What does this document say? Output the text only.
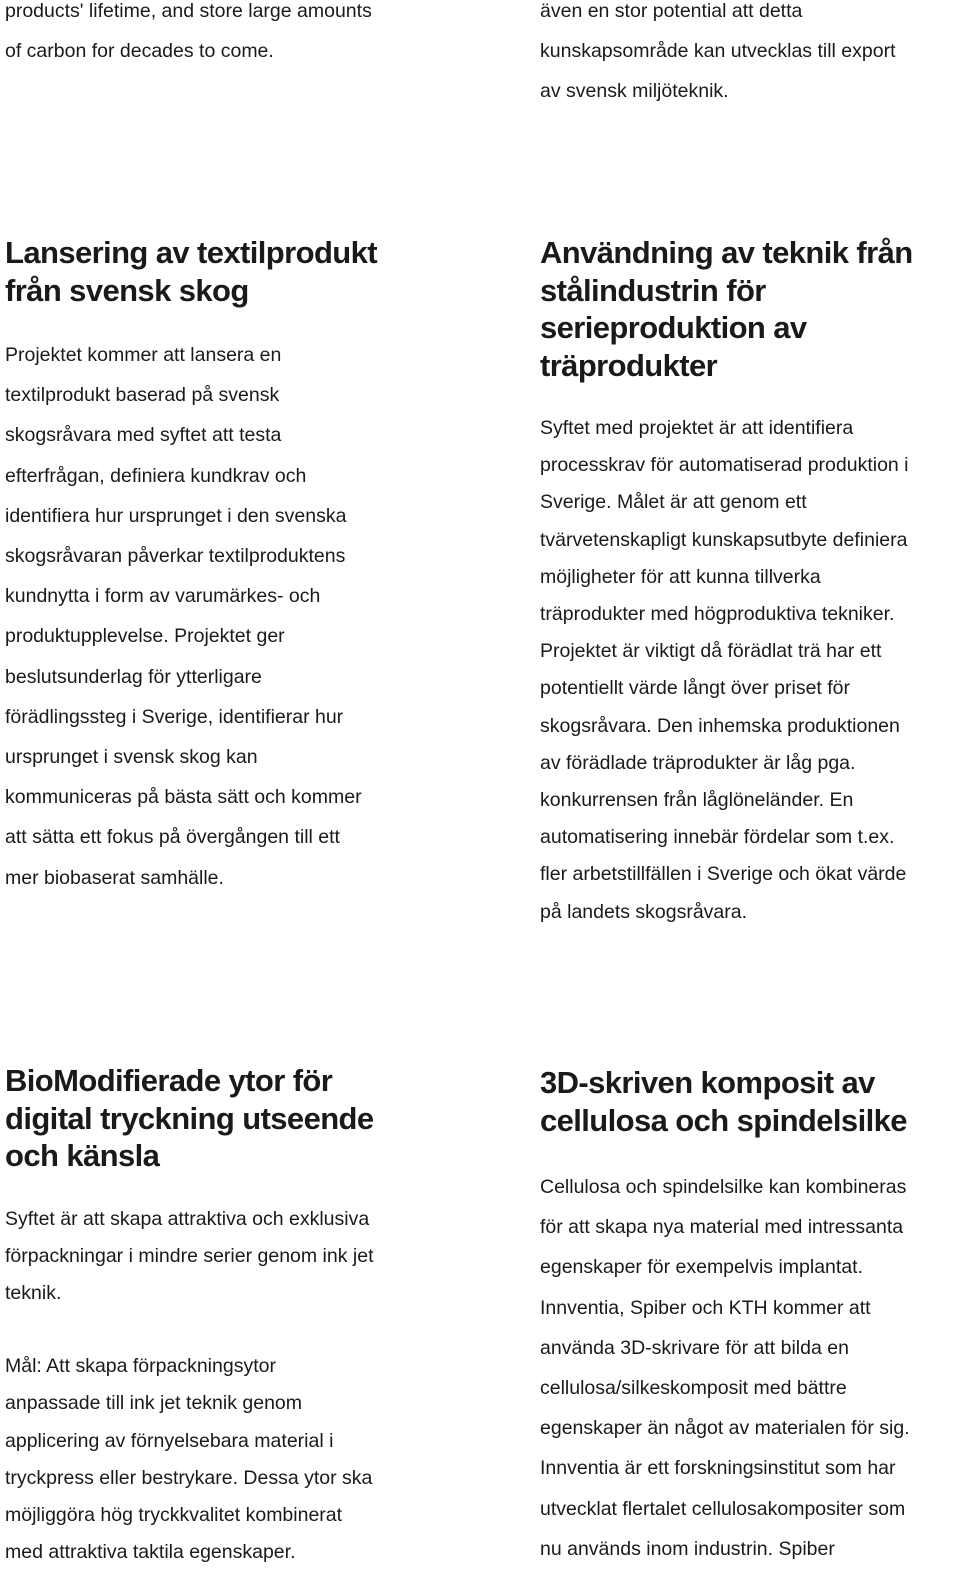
products' lifetime, and store large amounts
of carbon for decades to come.

även en stor potential att detta
kunskapsområde kan utvecklas till export
av svensk miljöteknik.

Lansering av textilprodukt
från svensk skog

Projektet kommer att lansera en
textilprodukt baserad på svensk
skogsråvara med syftet att testa
efterfrågan, definiera kundkrav och
identifiera hur ursprunget i den svenska
skogsråvaran påverkar textilproduktens
kundnytta i form av varumärkes- och
produktupplevelse. Projektet ger
beslutsunderlag för ytterligare
förädlingssteg i Sverige, identifierar hur
ursprunget i svensk skog kan
kommuniceras på bästa sätt och kommer
att sätta ett fokus på övergången till ett
mer biobaserat samhälle.

Användning av teknik från
stålindustrin för
serieproduktion av
träprodukter

Syftet med projektet är att identifiera
processkrav för automatiserad produktion i
Sverige. Målet är att genom ett
tvärvetenskapligt kunskapsutbyte definiera
möjligheter för att kunna tillverka
träprodukter med högproduktiva tekniker.
Projektet är viktigt då förädlat trä har ett
potentiellt värde långt över priset för
skogsråvara. Den inhemska produktionen
av förädlade träprodukter är låg pga.
konkurrensen från låglöneländer. En
automatisering innebär fördelar som t.ex.
fler arbetstillfällen i Sverige och ökat värde
på landets skogsråvara.

BioModifierade ytor för
digital tryckning utseende
och känsla

Syftet är att skapa attraktiva och exklusiva
förpackningar i mindre serier genom ink jet
teknik.

Mål: Att skapa förpackningsytor
anpassade till ink jet teknik genom
applicering av förnyelsebara material i
tryckpress eller bestrykare. Dessa ytor ska
möjliggöra hög tryckkvalitet kombinerat
med attraktiva taktila egenskaper.

3D-skriven komposit av
cellulosa och spindelsilke

Cellulosa och spindelsilke kan kombineras
för att skapa nya material med intressanta
egenskaper för exempelvis implantat.
Innventia, Spiber och KTH kommer att
använda 3D-skrivare för att bilda en
cellulosa/silkeskomposit med bättre
egenskaper än något av materialen för sig.
Innventia är ett forskningsinstitut som har
utvecklat flertalet cellulosakompositer som
nu används inom industrin. Spiber
